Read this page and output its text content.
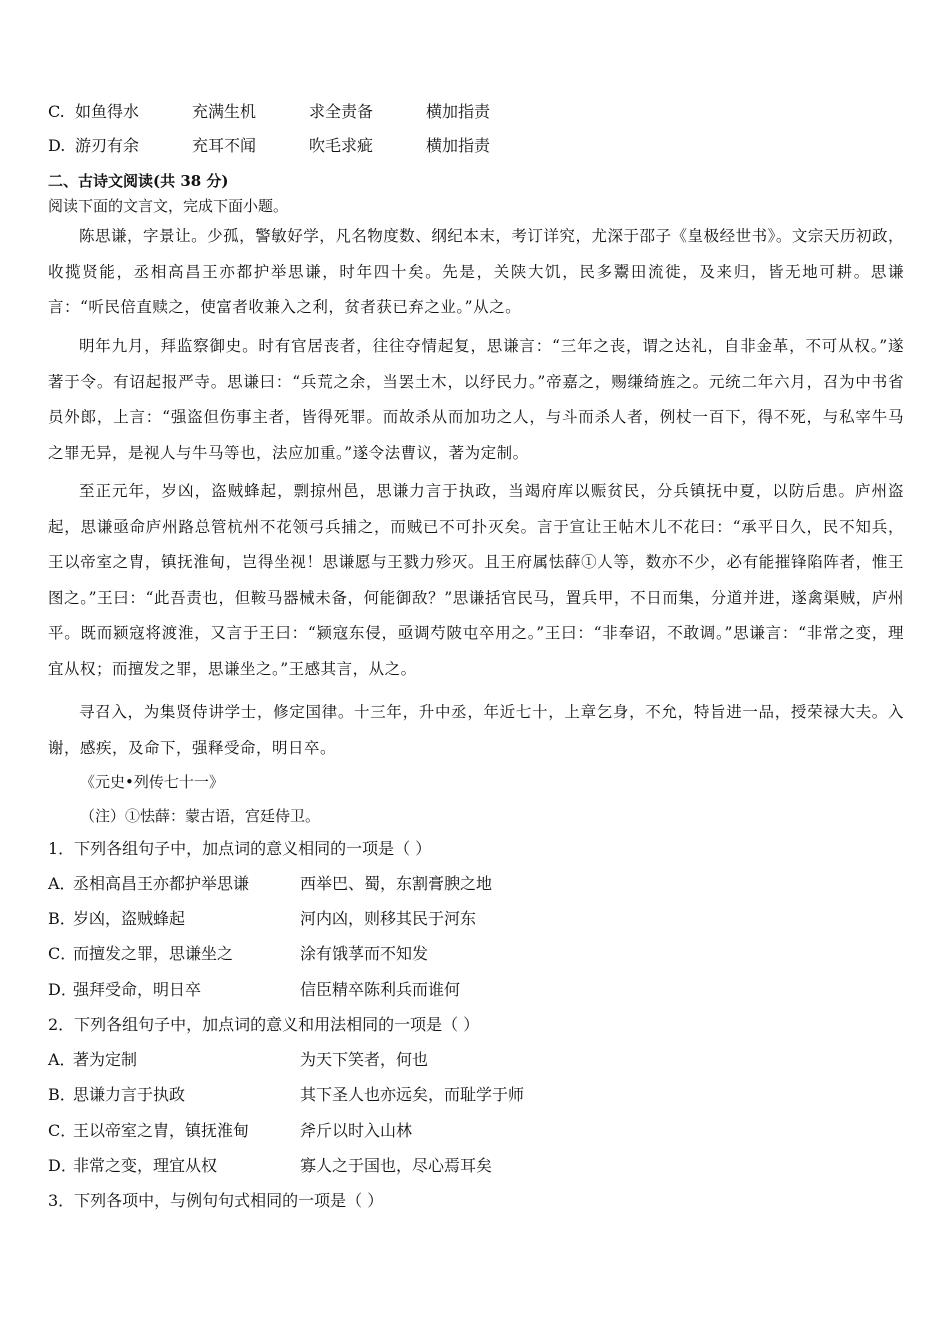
C. 如鱼得水	充满生机	求全责备	横加指责
D. 游刃有余	充耳不闻	吹毛求疵	横加指责
二、古诗文阅读(共 38 分)
阅读下面的文言文，完成下面小题。
陈思谦，字景让。少孤，警敏好学，凡名物度数、纲纪本末，考订详究，尤深于邵子《皇极经世书》。文宗天历初政，收揽贤能，丞相高昌王亦都护举思谦，时年四十矣。先是，关陕大饥，民多鬻田流徙，及来归，皆无地可耕。思谦言：“听民倍直赎之，使富者收兼入之利，贫者获已弃之业。”从之。
明年九月，拜监察御史。时有官居丧者，往往夺情起复，思谦言：“三年之丧，谓之达礼，自非金革，不可从权。”遂著于令。有诏起报严寺。思谦曰：“兵荒之余，当罢土木，以纾民力。”帝嘉之，赐缣绮旌之。元统二年六月，召为中书省员外郎，上言：“强盗但伤事主者，皆得死罪。而故杀从而加功之人，与斗而杀人者，例杖一百下，得不死，与私宰牛马之罪无异，是视人与牛马等也，法应加重。”遂令法曹议，著为定制。
至正元年，岁凶，盗贼蜂起，剽掠州邑，思谦力言于执政，当竭府库以赈贫民，分兵镇抚中夏，以防后患。庐州盗起，思谦亟命庐州路总管杭州不花领弓兵捕之，而贼已不可扑灭矣。言于宣让王帖木儿不花曰：“承平日久，民不知兵，王以帝室之胄，镇抚淮甸，岂得坐视！思谦愿与王戮力殄灭。且王府属怯薛①人等，数亦不少，必有能摧锋陷阵者，惟王图之。”王曰：“此吾责也，但鞍马器械未备，何能御敌？”思谦括官民马，置兵甲，不日而集，分道并进，遂禽渠贼，庐州平。既而颍寇将渡淮，又言于王曰：“颍寇东侵，亟调芍陂屯卒用之。”王曰：“非奉诏，不敢调。”思谦言：“非常之变，理宜从权；而擅发之罪，思谦坐之。”王感其言，从之。
寻召入，为集贤侍讲学士，修定国律。十三年，升中丞，年近七十，上章乞身，不允，特旨进一品，授荣禄大夫。入谢，感疾，及命下，强释受命，明日卒。
《元史•列传七十一》
（注）①怯薛：蒙古语，宫廷侍卫。
1．下列各组句子中，加点词的意义相同的一项是（ ）
A．
丞相高昌王亦都护举思谦	西举巴、蜀，东割膏腴之地
B．
岁凶，盗贼蜂起	河内凶，则移其民于河东
C．
而擅发之罪，思谦坐之	涂有饿莩而不知发
D．
强拜受命，明日卒	信臣精卒陈利兵而谁何
2．下列各组句子中，加点词的意义和用法相同的一项是（ ）
A．
著为定制	为天下笑者，何也
B．
思谦力言于执政	其下圣人也亦远矣，而耻学于师
C．
王以帝室之胄，镇抚淮甸	斧斤以时入山林
D．
非常之变，理宜从权	寡人之于国也，尽心焉耳矣
3．下列各项中，与例句句式相同的一项是（ ）
